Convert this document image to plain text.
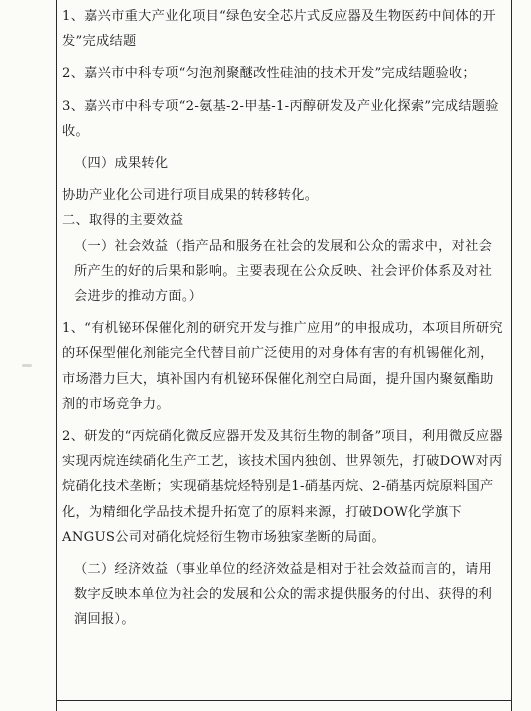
1、嘉兴市重大产业化项目“绿色安全芯片式反应器及生物医药中间体的开发”完成结题

2、嘉兴市中科专项“匀泡剂聚醚改性硅油的技术开发”完成结题验收；

3、嘉兴市中科专项“2-氨基-2-甲基-1-丙醇研发及产业化探索”完成结题验收。

（四）成果转化

协助产业化公司进行项目成果的转移转化。

二、取得的主要效益

（一）社会效益（指产品和服务在社会的发展和公众的需求中，对社会所产生的好的后果和影响。主要表现在公众反映、社会评价体系及对社会进步的推动方面。）

1、“有机铋环保催化剂的研究开发与推广应用”的申报成功，本项目所研究的环保型催化剂能完全代替目前广泛使用的对身体有害的有机锡催化剂，市场潜力巨大，填补国内有机铋环保催化剂空白局面，提升国内聚氨酯助剂的市场竞争力。

2、研发的“丙烷硝化微反应器开发及其衍生物的制备”项目，利用微反应器实现丙烷连续硝化生产工艺，该技术国内独创、世界领先，打破DOW对丙烷硝化技术垄断；实现硝基烷烃特别是1-硝基丙烷、2-硝基丙烷原料国产化，为精细化学品技术提升拓宽了的原料来源，打破DOW化学旗下ANGUS公司对硝化烷烃衍生物市场独家垄断的局面。

（二）经济效益（事业单位的经济效益是相对于社会效益而言的，请用数字反映本单位为社会的发展和公众的需求提供服务的付出、获得的利润回报）。
